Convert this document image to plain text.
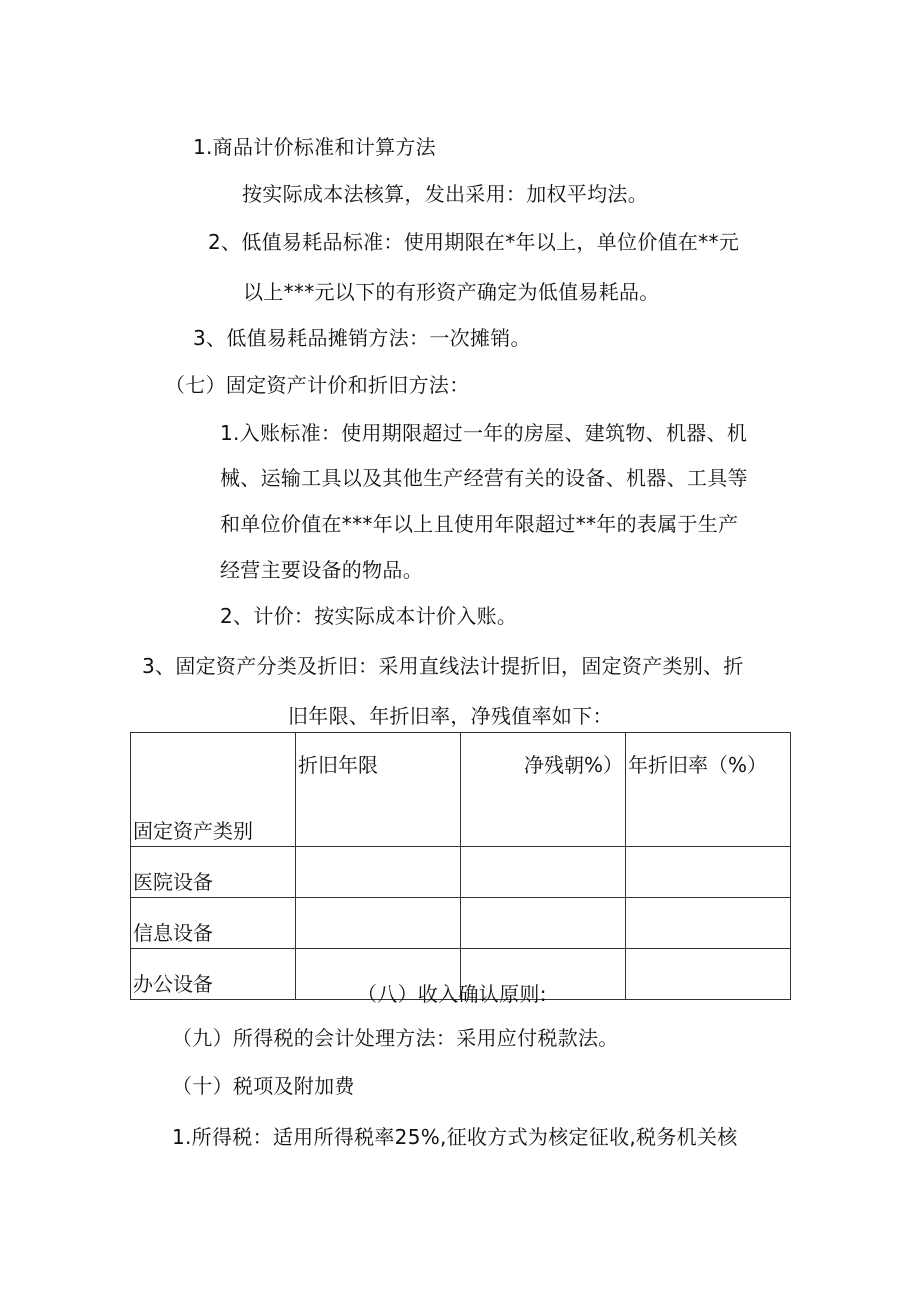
1.商品计价标准和计算方法
按实际成本法核算，发出采用：加权平均法。
2、低值易耗品标准：使用期限在*年以上，单位价值在**元
以上***元以下的有形资产确定为低值易耗品。
3、低值易耗品摊销方法：一次摊销。
（七）固定资产计价和折旧方法：
1.入账标准：使用期限超过一年的房屋、建筑物、机器、机
械、运输工具以及其他生产经营有关的设备、机器、工具等
和单位价值在***年以上且使用年限超过**年的表属于生产
经营主要设备的物品。
2、计价：按实际成本计价入账。
3、固定资产分类及折旧：采用直线法计提折旧，固定资产类别、折
旧年限、年折旧率，净残值率如下：
固定资产类别	折旧年限	净残朝%）	年折旧率（%）
医院设备			
信息设备			
办公设备				（八）收入确认原则:
（九）所得税的会计处理方法：采用应付税款法。
（十）税项及附加费
1.所得税：适用所得税率25%,征收方式为核定征收,税务机关核
